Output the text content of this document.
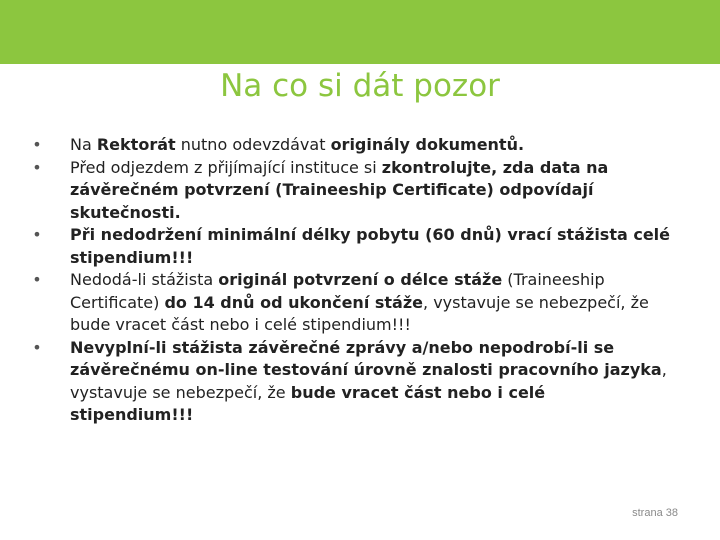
Na co si dát pozor
• Na Rektorát nutno odevzdávat originály dokumentů.
• Před odjezdem z přijímající instituce si zkontrolujte, zda data na závěrečném potvrzení (Traineeship Certificate) odpovídají skutečnosti.
• Při nedodržení minimální délky pobytu (60 dnů) vrací stážista celé stipendium!!!
• Nedodá-li stážista originál potvrzení o délce stáže (Traineeship Certificate) do 14 dnů od ukončení stáže, vystavuje se nebezpečí, že bude vracet část nebo i celé stipendium!!!
• Nevyplní-li stážista závěrečné zprávy a/nebo nepodrobí-li se závěrečnému on-line testování úrovně znalosti pracovního jazyka, vystavuje se nebezpečí, že bude vracet část nebo i celé stipendium!!!
strana 38
